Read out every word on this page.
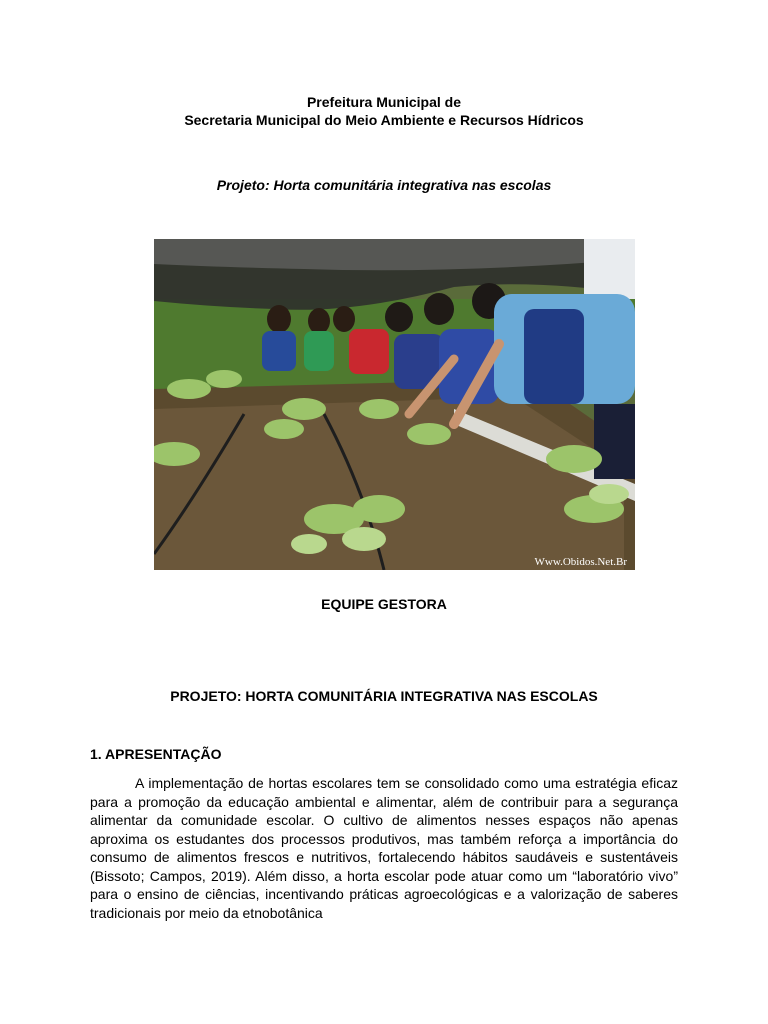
Prefeitura Municipal de
Secretaria Municipal do Meio Ambiente e Recursos Hídricos
Projeto: Horta comunitária integrativa nas escolas
Www.Obidos.Net.Br
EQUIPE GESTORA
PROJETO: HORTA COMUNITÁRIA INTEGRATIVA NAS ESCOLAS
1. APRESENTAÇÃO

A implementação de hortas escolares tem se consolidado como uma estratégia eficaz para a promoção da educação ambiental e alimentar, além de contribuir para a segurança alimentar da comunidade escolar. O cultivo de alimentos nesses espaços não apenas aproxima os estudantes dos processos produtivos, mas também reforça a importância do consumo de alimentos frescos e nutritivos, fortalecendo hábitos saudáveis e sustentáveis (Bissoto; Campos, 2019). Além disso, a horta escolar pode atuar como um “laboratório vivo” para o ensino de ciências, incentivando práticas agroecológicas e a valorização de saberes tradicionais por meio da etnobotânica
